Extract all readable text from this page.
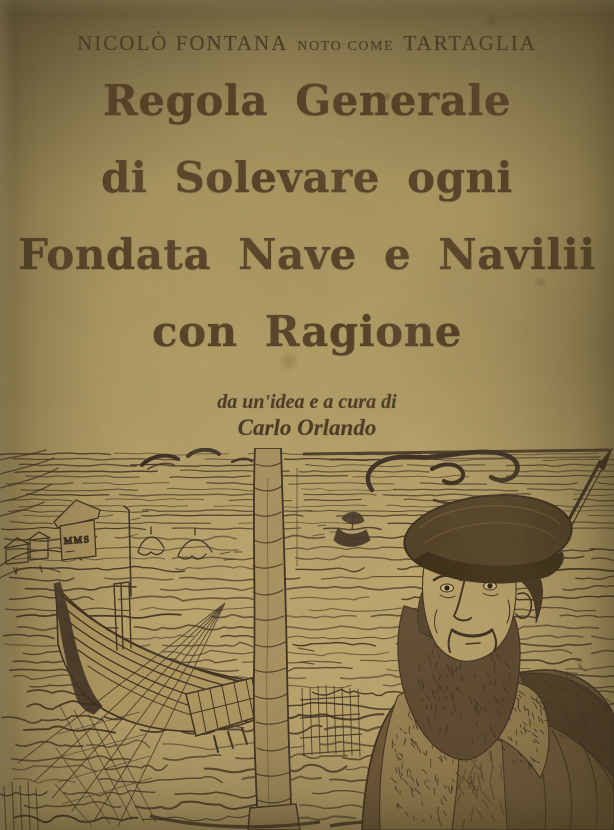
MMS
NICOLÒ FONTANA NOTO COME TARTAGLIA
Regola Generale
di Solevare ogni
Fondata Nave e Navilii
con Ragione
da un'idea e a cura di
Carlo Orlando
